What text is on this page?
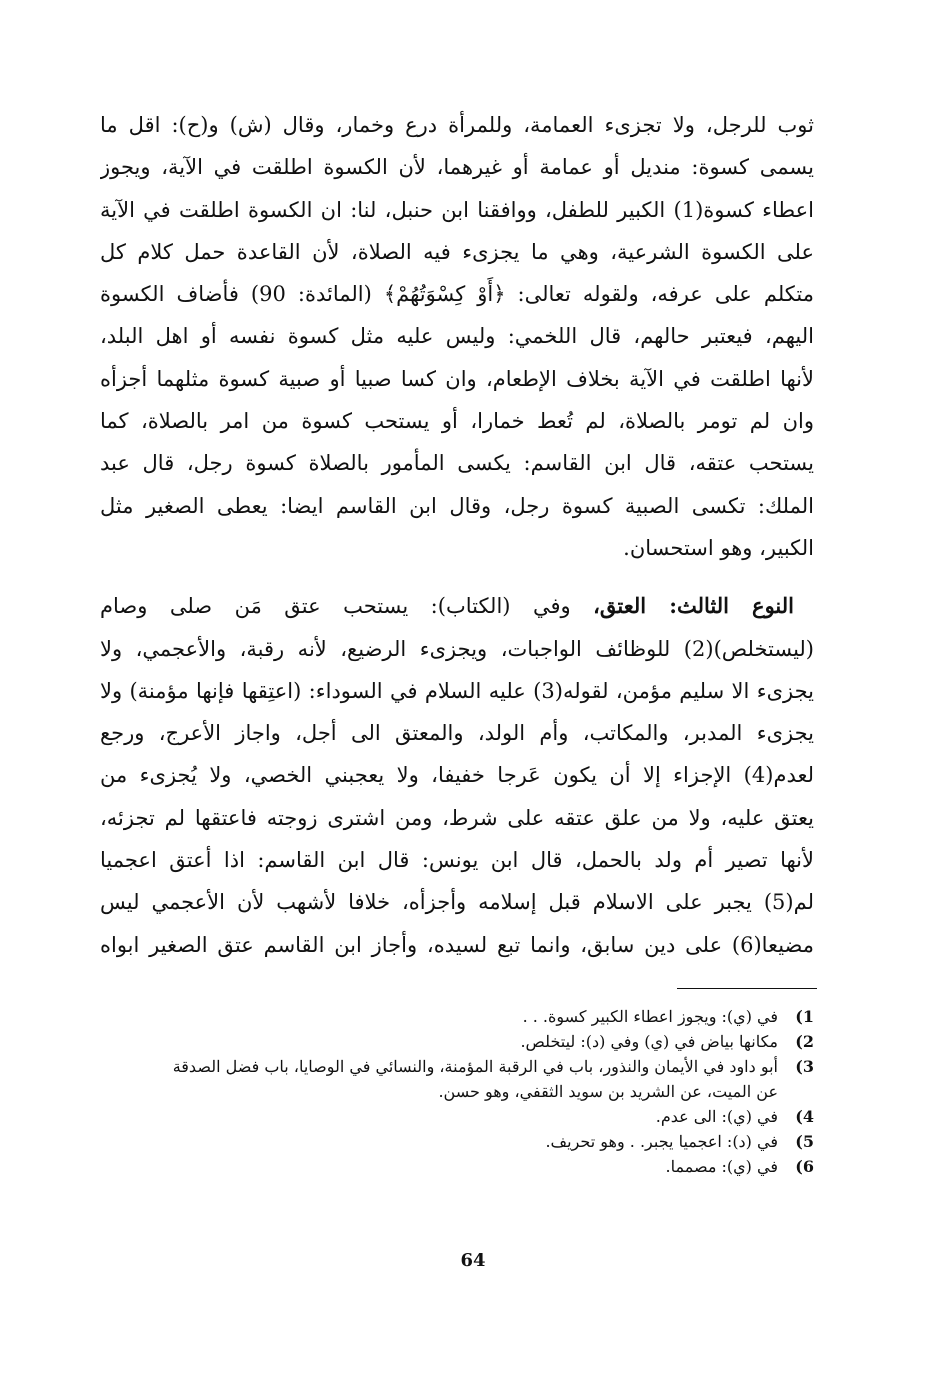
ثوب للرجل، ولا تجزىء العمامة، وللمرأة درع وخمار، وقال (ش) و(ح): اقل ما
يسمى كسوة: منديل أو عمامة أو غيرهما، لأن الكسوة اطلقت في الآية، ويجوز
اعطاء كسوة(1) الكبير للطفل، ووافقنا ابن حنبل، لنا: ان الكسوة اطلقت في الآية
على الكسوة الشرعية، وهي ما يجزىء فيه الصلاة، لأن القاعدة حمل كلام كل
متكلم على عرفه، ولقوله تعالى: ﴿أَوْ كِسْوَتُهُمْ﴾ (المائدة: 90) فأضاف الكسوة
اليهم، فيعتبر حالهم، قال اللخمي: وليس عليه مثل كسوة نفسه أو اهل البلد،
لأنها اطلقت في الآية بخلاف الإطعام، وان كسا صبيا أو صبية كسوة مثلهما أجزأه
وان لم تومر بالصلاة، لم تُعط خمارا، أو يستحب كسوة من امر بالصلاة، كما
يستحب عتقه، قال ابن القاسم: يكسى المأمور بالصلاة كسوة رجل، قال عبد
الملك: تكسى الصبية كسوة رجل، وقال ابن القاسم ايضا: يعطى الصغير مثل
الكبير، وهو استحسان.
النوع الثالث: العتق، وفي (الكتاب): يستحب عتق مَن صلى وصام
(ليستخلص)(2) للوظائف الواجبات، ويجزىء الرضيع، لأنه رقبة، والأعجمي، ولا
يجزىء الا سليم مؤمن، لقوله(3) عليه السلام في السوداء: (اعتِقها فإنها مؤمنة) ولا
يجزىء المدبر، والمكاتب، وأم الولد، والمعتق الى أجل، واجاز الأعرج، ورجع
لعدم(4) الإجزاء إلا أن يكون عَرجا خفيفا، ولا يعجبني الخصي، ولا يُجزىء من
يعتق عليه، ولا من علق عتقه على شرط، ومن اشترى زوجته فاعتقها لم تجزئه،
لأنها تصير أم ولد بالحمل، قال ابن يونس: قال ابن القاسم: اذا أعتق اعجميا
لم(5) يجبر على الاسلام قبل إسلامه وأجزأه، خلافا لأشهب لأن الأعجمي ليس
مضيعا(6) على دين سابق، وانما تبع لسيده، وأجاز ابن القاسم عتق الصغير ابواه
1)
في (ي): ويجوز اعطاء الكبير كسوة. . .
2)
مكانها بياض في (ي) وفي (د): ليتخلص.
3)
أبو داود في الأيمان والنذور، باب في الرقبة المؤمنة، والنسائي في الوصايا، باب فضل الصدقة
عن الميت، عن الشريد بن سويد الثقفي، وهو حسن.
4)
في (ي): الى عدم.
5)
في (د): اعجميا يجبر. . وهو تحريف.
6)
في (ي): مصمما.
64
